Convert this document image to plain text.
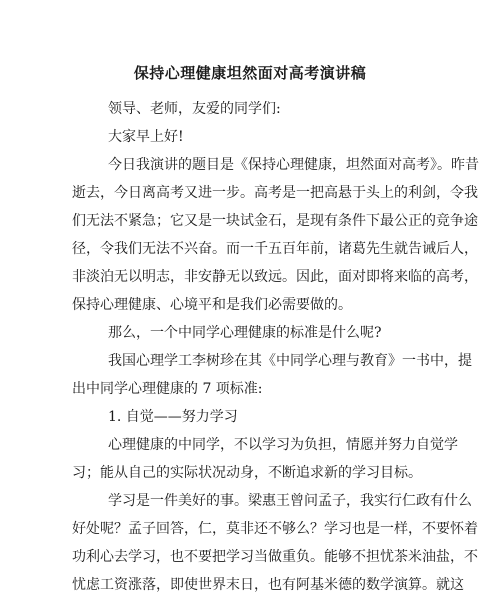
保持心理健康坦然面对高考演讲稿
领导、老师，友爱的同学们:
大家早上好!
今日我演讲的题目是《保持心理健康，坦然面对高考》。昨昔
逝去，今日离高考又进一步。高考是一把高悬于头上的利剑，令我
们无法不紧急；它又是一块试金石，是现有条件下最公正的竞争途
径，令我们无法不兴奋。而一千五百年前，诸葛先生就告诫后人，
非淡泊无以明志，非安静无以致远。因此，面对即将来临的高考，
保持心理健康、心境平和是我们必需要做的。
那么，一个中同学心理健康的标准是什么呢?
我国心理学工李树珍在其《中同学心理与教育》一书中，提
出中同学心理健康的 7 项标准:
1. 自觉——努力学习
心理健康的中同学，不以学习为负担，情愿并努力自觉学
习；能从自己的实际状况动身，不断追求新的学习目标。
学习是一件美好的事。梁惠王曾问孟子，我实行仁政有什么
好处呢？孟子回答，仁，莫非还不够么？学习也是一样，不要怀着
功利心去学习，也不要把学习当做重负。能够不担忧茶米油盐，不
忧虑工资涨落，即使世界末日，也有阿基米德的数学演算。就这
